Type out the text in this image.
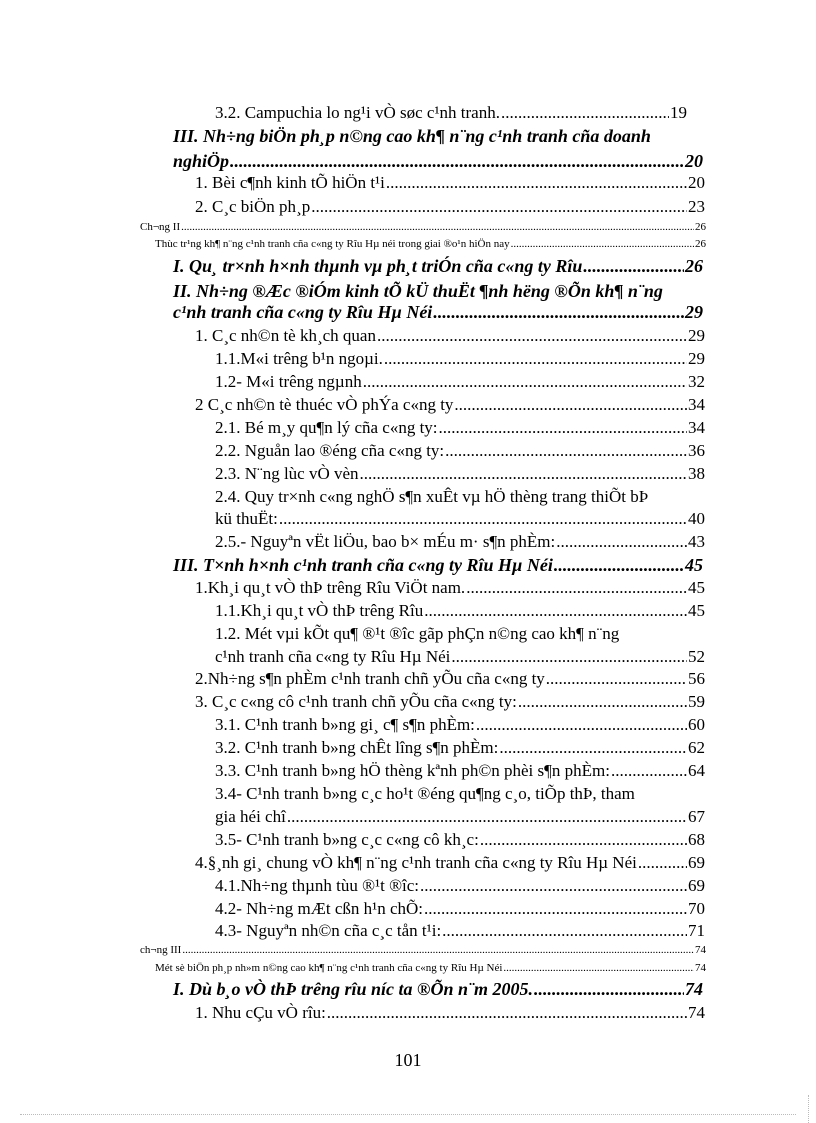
3.2. Campuchia lo ng¹i vÒ søc c¹nh tranh. .....	19
III. Nh÷ng biÖn ph¸p n©ng cao kh¶ n¨ng c¹nh tranh cña doanh
nghiÖp .....	20
1. Bèi c¶nh kinh tÕ hiÖn t¹i .....	20
2. C¸c biÖn ph¸p .....	23
Ch¬ng II .....	26
Thùc tr¹ng kh¶ n¨ng c¹nh tranh cña c«ng ty Rîu Hµ néi trong giai ®o¹n hiÖn nay .....	26
I. Qu¸ tr×nh h×nh thµnh vµ ph¸t triÓn cña c«ng ty Rîu .....	26
II. Nh÷ng ®Æc ®iÓm kinh tÕ kÜ thuËt ¶nh hëng ®Õn kh¶ n¨ng
c¹nh tranh cña c«ng ty Rîu Hµ Néi .....	29
1. C¸c nh©n tè kh¸ch quan .....	29
1.1.M«i trêng b¹n ngoµi. .....	29
1.2- M«i trêng ngµnh .....	32
2 C¸c nh©n tè thuéc vÒ phÝa c«ng ty .....	34
2.1. Bé m¸y qu¶n lý cña c«ng ty: .....	34
2.2. Nguån lao ®éng cña c«ng ty: .....	36
2.3. N¨ng lùc vÒ vèn .....	38
2.4. Quy tr×nh c«ng nghÖ s¶n xuÊt vµ hÖ thèng trang thiÕt bÞ
kü thuËt: .....	40
2.5.- Nguyªn vËt liÖu, bao b× mÉu m· s¶n phÈm: .....	43
III. T×nh h×nh c¹nh tranh cña c«ng ty Rîu Hµ Néi .....	45
1.Kh¸i qu¸t vÒ thÞ trêng Rîu ViÖt nam. .....	45
1.1.Kh¸i qu¸t vÒ thÞ trêng Rîu .....	45
1.2. Mét vµi kÕt qu¶ ®¹t ®îc gãp phÇn n©ng cao kh¶ n¨ng
c¹nh tranh cña c«ng ty Rîu Hµ Néi .....	52
2.Nh÷ng s¶n phÈm c¹nh tranh chñ yÕu cña c«ng ty .....	56
3. C¸c c«ng cô c¹nh tranh chñ yÕu cña c«ng ty: .....	59
3.1. C¹nh tranh b»ng gi¸ c¶ s¶n phÈm: .....	60
3.2. C¹nh tranh b»ng chÊt lîng s¶n phÈm: .....	62
3.3. C¹nh tranh b»ng hÖ thèng kªnh ph©n phèi s¶n phÈm: .....	64
3.4- C¹nh tranh b»ng c¸c ho¹t ®éng qu¶ng c¸o, tiÕp thÞ, tham
gia héi chî .....	67
3.5- C¹nh tranh b»ng c¸c c«ng cô kh¸c: .....	68
4.§¸nh gi¸ chung vÒ kh¶ n¨ng c¹nh tranh cña c«ng ty Rîu Hµ Néi .....	69
4.1.Nh÷ng thµnh tùu ®¹t ®îc: .....	69
4.2- Nh÷ng mÆt cßn h¹n chÕ: .....	70
4.3- Nguyªn nh©n cña c¸c tån t¹i: .....	71
ch¬ng III .....	74
Mét sè biÖn ph¸p nh»m n©ng cao kh¶ n¨ng c¹nh tranh cña c«ng ty Rîu Hµ Néi .....	74
I. Dù b¸o vÒ thÞ trêng rîu níc ta ®Õn n¨m 2005. .....	74
1. Nhu cÇu vÒ rîu: .....	74
101
